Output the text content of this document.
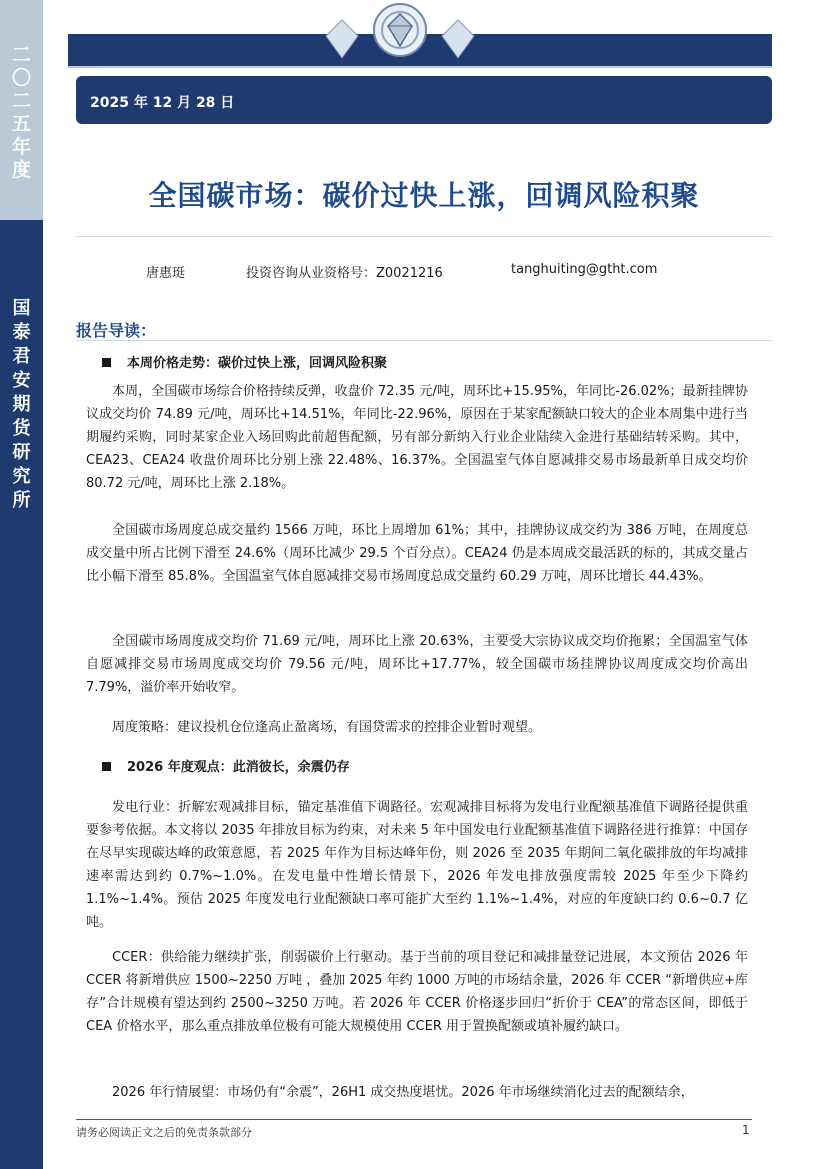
二
〇
二
五
年
度
国
泰
君
安
期
货
研
究
所
2025 年 12 月 28 日
全国碳市场：碳价过快上涨，回调风险积聚
唐惠珽	投资咨询从业资格号：Z0021216	tanghuiting@gtht.com
报告导读：
本周价格走势：碳价过快上涨，回调风险积聚

本周，全国碳市场综合价格持续反弹，收盘价 72.35 元/吨，周环比+15.95%，年同比-26.02%；最新挂牌协议成交均价 74.89 元/吨，周环比+14.51%，年同比-22.96%，原因在于某家配额缺口较大的企业本周集中进行当期履约采购，同时某家企业入场回购此前超售配额，另有部分新纳入行业企业陆续入金进行基础结转采购。其中，CEA23、CEA24 收盘价周环比分别上涨 22.48%、16.37%。全国温室气体自愿减排交易市场最新单日成交均价 80.72 元/吨，周环比上涨 2.18%。

全国碳市场周度总成交量约 1566 万吨，环比上周增加 61%；其中，挂牌协议成交约为 386 万吨，在周度总成交量中所占比例下滑至 24.6%（周环比减少 29.5 个百分点）。CEA24 仍是本周成交最活跃的标的，其成交量占比小幅下滑至 85.8%。全国温室气体自愿减排交易市场周度总成交量约 60.29 万吨，周环比增长 44.43%。

全国碳市场周度成交均价 71.69 元/吨，周环比上涨 20.63%，主要受大宗协议成交均价拖累；全国温室气体自愿减排交易市场周度成交均价 79.56 元/吨，周环比+17.77%，较全国碳市场挂牌协议周度成交均价高出 7.79%，溢价率开始收窄。

周度策略：建议投机仓位逢高止盈离场，有国贷需求的控排企业暂时观望。

2026 年度观点：此消彼长，余震仍存

发电行业：折解宏观减排目标，锚定基准值下调路径。宏观减排目标将为发电行业配额基准值下调路径提供重要参考依据。本文将以 2035 年排放目标为约束，对未来 5 年中国发电行业配额基准值下调路径进行推算：中国存在尽早实现碳达峰的政策意愿，若 2025 年作为目标达峰年份，则 2026 至 2035 年期间二氧化碳排放的年均减排速率需达到约 0.7%~1.0%。在发电量中性增长情景下，2026 年发电排放强度需较 2025 年至少下降约 1.1%~1.4%。预估 2025 年度发电行业配额缺口率可能扩大至约 1.1%~1.4%，对应的年度缺口约 0.6~0.7 亿吨。

CCER：供给能力继续扩张，削弱碳价上行驱动。基于当前的项目登记和减排量登记进展，本文预估 2026 年 CCER 将新增供应 1500~2250 万吨 ，叠加 2025 年约 1000 万吨的市场结余量，2026 年 CCER “新增供应+库存”合计规模有望达到约 2500~3250 万吨。若 2026 年 CCER 价格逐步回归“折价于 CEA”的常态区间，即低于 CEA 价格水平，那么重点排放单位极有可能大规模使用 CCER 用于置换配额或填补履约缺口。

2026 年行情展望：市场仍有“余震”，26H1 成交热度堪忧。2026 年市场继续消化过去的配额结余，

请务必阅读正文之后的免责条款部分	1
